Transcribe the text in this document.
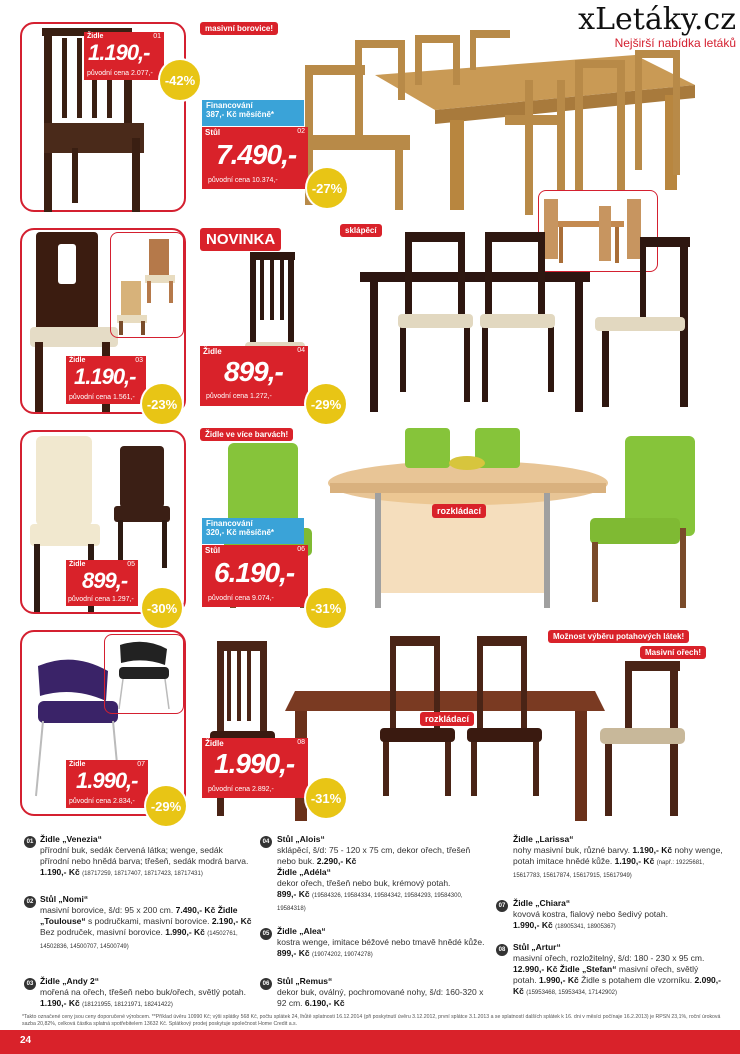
xLetáky.cz
Nejširší nabídka letáků
Židle	01
1.190,-
původní cena 2.077,- -42%
masivní borovice!
Financování
387,- Kč měsíčně*
Stůl	02
7.490,-
původní cena 10.374,-	-27%
Židle	03
1.190,-
původní cena 1.561,- -23%
NOVINKA
sklápěcí
Židle	04
899,-
původní cena 1.272,-	-29%
Židle	05
899,-
původní cena 1.297,-
-30%
Židle ve více barvách!
rozkládací
Financování
320,- Kč měsíčně*
Stůl	06
6.190,-
původní cena 9.074,-
-31%
Židle	07
1.990,-
původní cena 2.834,-	-29%
Možnost výběru potahových látek!
Masivní ořech!
rozkládací
Židle	08
1.990,-
původní cena 2.892,-
-31%
01 Židle „Venezia“
přírodní buk, sedák červená látka; wenge, sedák přírodní nebo hnědá barva; třešeň, sedák modrá barva. 1.190,- Kč (18717259, 18717407, 18717423, 18717431)
02 Stůl „Nomi“
masivní borovice, š/d: 95 x 200 cm. 7.490,- Kč Židle „Toulouse“ s područkami, masivní borovice. 2.190,- Kč Bez područek, masivní borovice. 1.990,- Kč (14502761, 14502836, 14500707, 14500749)
03 Židle „Andy 2“
mořená na ořech, třešeň nebo buk/ořech, světlý potah. 1.190,- Kč (18121955, 18121971, 18241422)
04 Stůl „Alois“
sklápěcí, š/d: 75 - 120 x 75 cm, dekor ořech, třešeň nebo buk. 2.290,- Kč
Židle „Adéla“
dekor ořech, třešeň nebo buk, krémový potah.
899,- Kč (19584326, 19584334, 19584342, 19584293, 19584300, 19584318)
05 Židle „Alea“
kostra wenge, imitace béžové nebo tmavě hnědé kůže. 899,- Kč (19074202, 19074278)
06 Stůl „Remus“
dekor buk, oválný, pochromované nohy, š/d: 160-320 x 92 cm. 6.190,- Kč
Židle „Larissa“
nohy masivní buk, různé barvy. 1.190,- Kč nohy wenge, potah imitace hnědé kůže. 1.190,- Kč (např.: 19225681, 15617783, 15617874, 15617915, 15617949)
07 Židle „Chiara“
kovová kostra, fialový nebo šedivý potah.
1.990,- Kč (18905341, 18905367)
08 Stůl „Artur“
masivní ořech, rozložitelný, š/d: 180 - 230 x 95 cm. 12.990,- Kč Židle „Stefan“ masivní ořech, světlý potah. 1.990,- Kč Židle s potahem dle vzorníku. 2.090,- Kč (15953468, 15953434, 17142902)
*Takto označené ceny jsou ceny doporučené výrobcem. **Příklad úvěru 10990 Kč; výši splátky 568 Kč, počtu splátek 24, lhůtě splatnosti 16.12.2014 (při poskytnutí úvěru 3.12.2012, první splátce 3.1.2013 a se splatností dalších splátek k 16. dni v měsíci počínaje 16.2.2013) je RPSN 23,1%, roční úroková sazba 20,82%, celková částka splatná spotřebitelem 13632 Kč. Splátkový prodej poskytuje společnost Home Credit a.s.
24
